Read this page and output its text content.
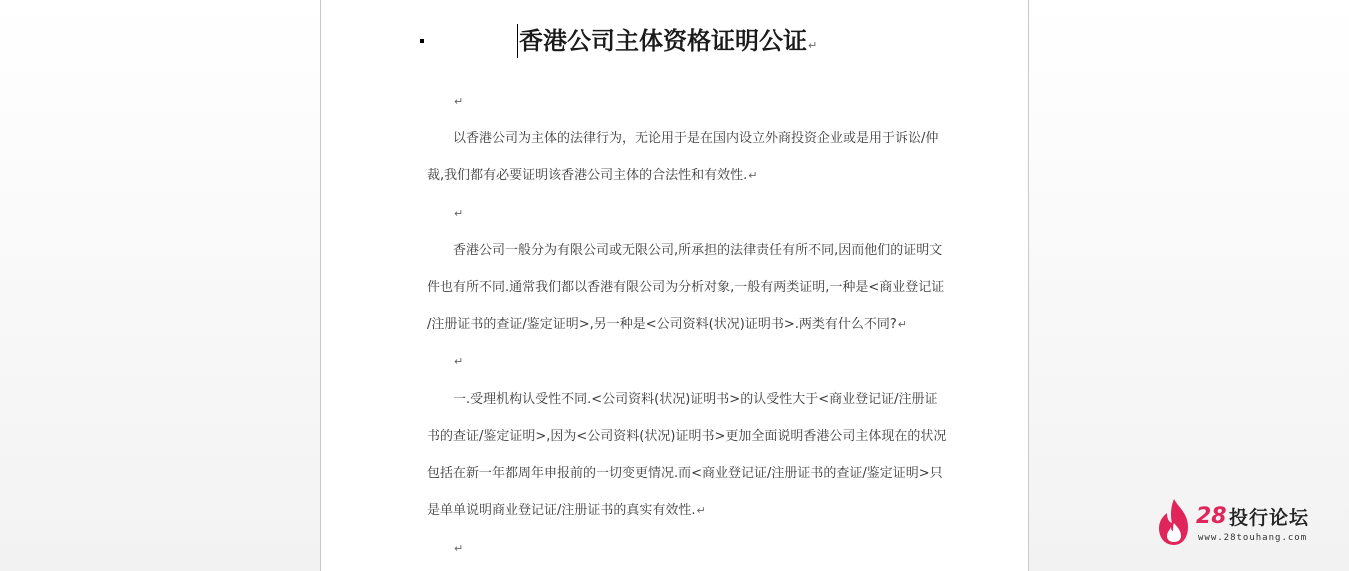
香港公司主体资格证明公证↵
↵
以香港公司为主体的法律行为，无论用于是在国内设立外商投资企业或是用于诉讼/仲
裁,我们都有必要证明该香港公司主体的合法性和有效性.↵
↵
香港公司一般分为有限公司或无限公司,所承担的法律责任有所不同,因而他们的证明文
件也有所不同.通常我们都以香港有限公司为分析对象,一般有两类证明,一种是<商业登记证
/注册证书的查证/鉴定证明>,另一种是<公司资料(状况)证明书>.两类有什么不同?↵
↵
一.受理机构认受性不同.<公司资料(状况)证明书>的认受性大于<商业登记证/注册证
书的查证/鉴定证明>,因为<公司资料(状况)证明书>更加全面说明香港公司主体现在的状况
包括在新一年都周年申报前的一切变更情况.而<商业登记证/注册证书的查证/鉴定证明>只
是单单说明商业登记证/注册证书的真实有效性.↵
↵
28 投行论坛
www.28touhang.com
